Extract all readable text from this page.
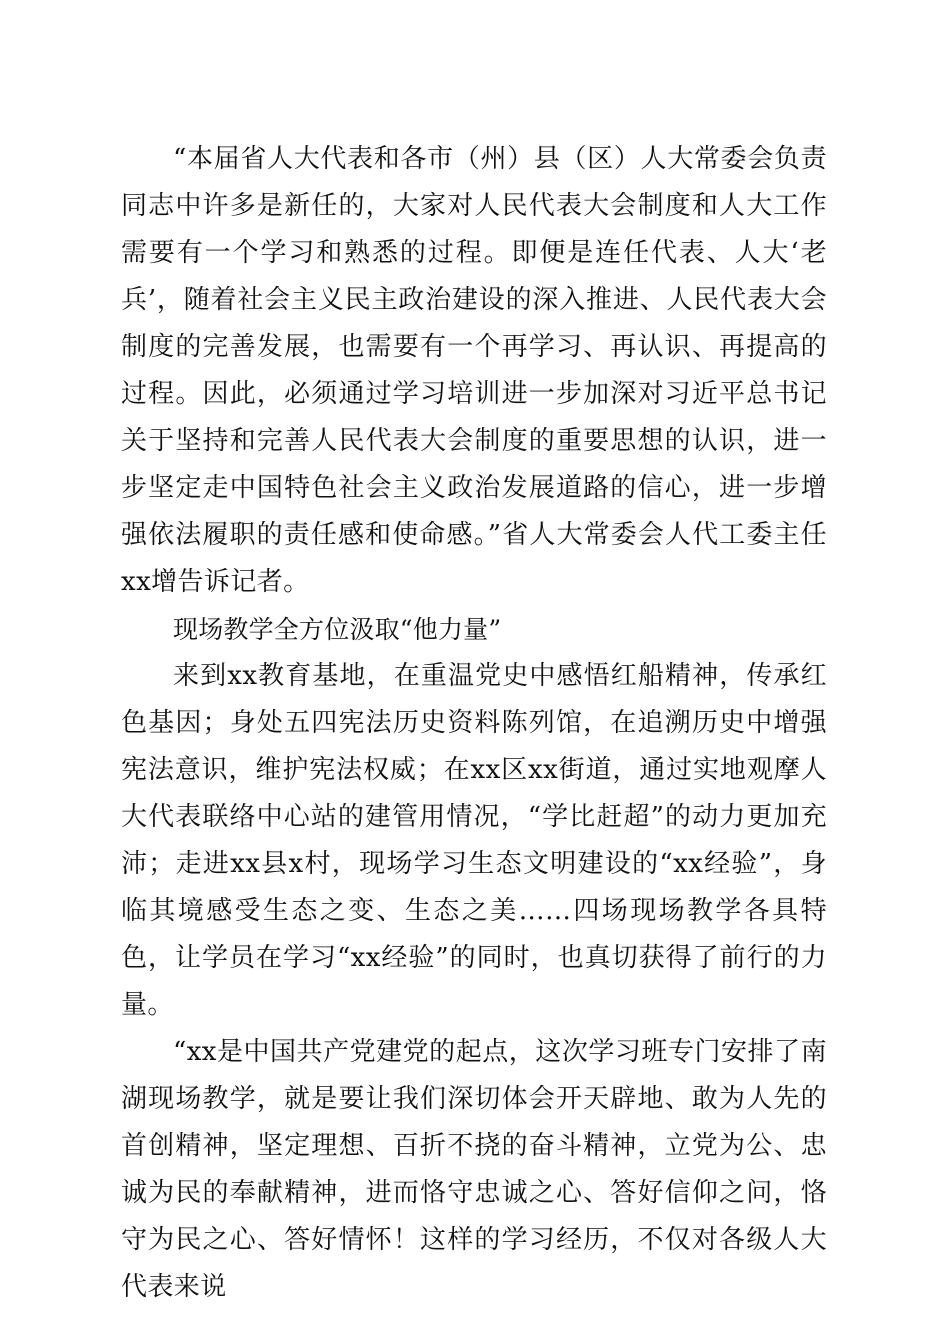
“本届省人大代表和各市（州）县（区）人大常委会负责同志中许多是新任的，大家对人民代表大会制度和人大工作需要有一个学习和熟悉的过程。即便是连任代表、人大‘老兵’，随着社会主义民主政治建设的深入推进、人民代表大会制度的完善发展，也需要有一个再学习、再认识、再提高的过程。因此，必须通过学习培训进一步加深对习近平总书记关于坚持和完善人民代表大会制度的重要思想的认识，进一步坚定走中国特色社会主义政治发展道路的信心，进一步增强依法履职的责任感和使命感。”省人大常委会人代工委主任xx增告诉记者。

现场教学全方位汲取“他力量”

来到xx教育基地，在重温党史中感悟红船精神，传承红色基因；身处五四宪法历史资料陈列馆，在追溯历史中增强宪法意识，维护宪法权威；在xx区xx街道，通过实地观摩人大代表联络中心站的建管用情况，“学比赶超”的动力更加充沛；走进xx县x村，现场学习生态文明建设的“xx经验”，身临其境感受生态之变、生态之美……四场现场教学各具特色，让学员在学习“xx经验”的同时，也真切获得了前行的力量。

“xx是中国共产党建党的起点，这次学习班专门安排了南湖现场教学，就是要让我们深切体会开天辟地、敢为人先的首创精神，坚定理想、百折不挠的奋斗精神，立党为公、忠诚为民的奉献精神，进而恪守忠诚之心、答好信仰之问，恪守为民之心、答好情怀！这样的学习经历，不仅对各级人大代表来说
